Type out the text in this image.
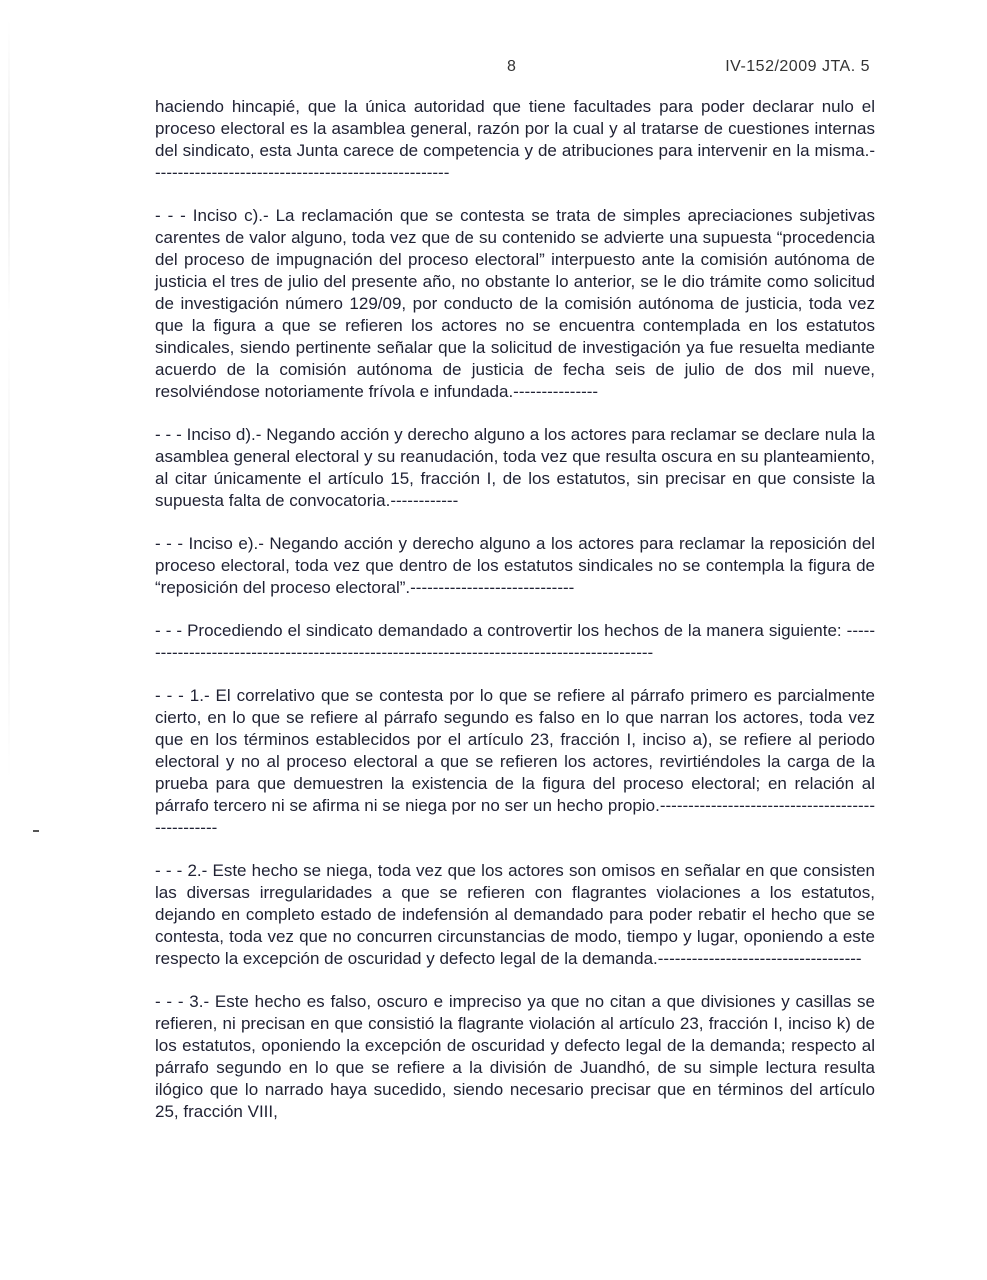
8	IV-152/2009 JTA. 5

haciendo hincapié, que la única autoridad que tiene facultades para poder declarar nulo el proceso electoral es la asamblea general, razón por la cual y al tratarse de cuestiones internas del sindicato, esta Junta carece de competencia y de atribuciones para intervenir en la misma.-----------------------------------------------------

- - - Inciso c).- La reclamación que se contesta se trata de simples apreciaciones subjetivas carentes de valor alguno, toda vez que de su contenido se advierte una supuesta “procedencia del proceso de impugnación del proceso electoral” interpuesto ante la comisión autónoma de justicia el tres de julio del presente año, no obstante lo anterior, se le dio trámite como solicitud de investigación número 129/09, por conducto de la comisión autónoma de justicia, toda vez que la figura a que se refieren los actores no se encuentra contemplada en los estatutos sindicales, siendo pertinente señalar que la solicitud de investigación ya fue resuelta mediante acuerdo de la comisión autónoma de justicia de fecha seis de julio de dos mil nueve, resolviéndose notoriamente frívola e infundada.---------------

- - - Inciso d).- Negando acción y derecho alguno a los actores para reclamar se declare nula la asamblea general electoral y su reanudación, toda vez que resulta oscura en su planteamiento, al citar únicamente el artículo 15, fracción I, de los estatutos, sin precisar en que consiste la supuesta falta de convocatoria.------------

- - - Inciso e).- Negando acción y derecho alguno a los actores para reclamar la reposición del proceso electoral, toda vez que dentro de los estatutos sindicales no se contempla la figura de “reposición del proceso electoral”.-----------------------------

- - - Procediendo el sindicato demandado a controvertir los hechos de la manera siguiente: ---------------------------------------------------------------------------------------------

- - - 1.- El correlativo que se contesta por lo que se refiere al párrafo primero es parcialmente cierto, en lo que se refiere al párrafo segundo es falso en lo que narran los actores, toda vez que en los términos establecidos por el artículo 23, fracción I, inciso a), se refiere al periodo electoral y no al proceso electoral a que se refieren los actores, revirtiéndoles la carga de la prueba para que demuestren la existencia de la figura del proceso electoral; en relación al párrafo tercero ni se afirma ni se niega por no ser un hecho propio.-------------------------------------------------

- - - 2.- Este hecho se niega, toda vez que los actores son omisos en señalar en que consisten las diversas irregularidades a que se refieren con flagrantes violaciones a los estatutos, dejando en completo estado de indefensión al demandado para poder rebatir el hecho que se contesta, toda vez que no concurren circunstancias de modo, tiempo y lugar, oponiendo a este respecto la excepción de oscuridad y defecto legal de la demanda.------------------------------------

- - - 3.- Este hecho es falso, oscuro e impreciso ya que no citan a que divisiones y casillas se refieren, ni precisan en que consistió la flagrante violación al artículo 23, fracción I, inciso k) de los estatutos, oponiendo la excepción de oscuridad y defecto legal de la demanda; respecto al párrafo segundo en lo que se refiere a la división de Juandhó, de su simple lectura resulta ilógico que lo narrado haya sucedido, siendo necesario precisar que en términos del artículo 25, fracción VIII,
